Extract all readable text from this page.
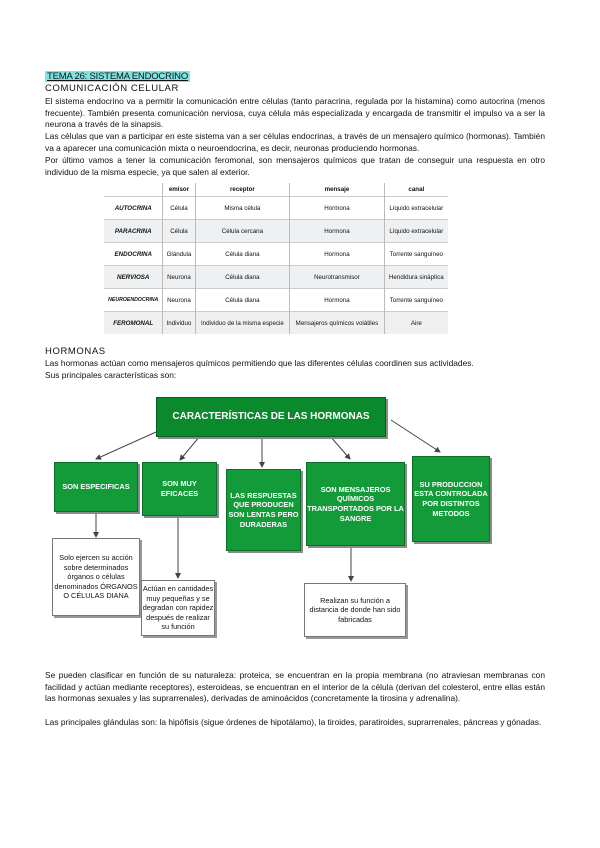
TEMA 26: SISTEMA ENDOCRINO
COMUNICACIÓN CELULAR
El sistema endocrino va a permitir la comunicación entre células (tanto paracrina, regulada por la histamina) como autocrina (menos frecuente). También presenta comunicación nerviosa, cuya célula más especializada y encargada de transmitir el impulso va a ser la neurona a través de la sinapsis.
Las células que van a participar en este sistema van a ser células endocrinas, a través de un mensajero químico (hormonas). También va a aparecer una comunicación mixta o neuroendocrina, es decir, neuronas produciendo hormonas.
Por último vamos a tener la comunicación feromonal, son mensajeros químicos que tratan de conseguir una respuesta en otro individuo de la misma especie, ya que salen al exterior.
	emisor	receptor	mensaje	canal
AUTOCRINA	Célula	Misma célula	Hormona	Líquido extracelular
PARACRINA	Célula	Célula cercana	Hormona	Líquido extracelular
ENDOCRINA	Glándula	Célula diana	Hormona	Torrente sanguíneo
NERVIOSA	Neurona	Célula diana	Neurotransmisor	Hendidura sináptica
NEUROENDOCRINA	Neurona	Célula diana	Hormona	Torrente sanguíneo
FEROMONAL	Individuo	Individuo de la misma especie	Mensajeros químicos volátiles	Aire
HORMONAS
Las hormonas actúan como mensajeros químicos permitiendo que las diferentes células coordinen sus actividades.
Sus principales características son:
CARACTERÍSTICAS DE LAS HORMONAS
SON ESPECIFICAS	SON MUY EFICACES	LAS RESPUESTAS QUE PRODUCEN SON LENTAS PERO DURADERAS
SON MENSAJEROS QUÍMICOS TRANSPORTADOS POR LA SANGRE
SU PRODUCCION ESTA CONTROLADA POR DISTINTOS METODOS
Solo ejercen su acción sobre determinados órganos o células denominados ÓRGANOS O CÉLULAS DIANA
Actúan en cantidades muy pequeñas y se degradan con rapidez después de realizar su función
Realizan su función a distancia de donde han sido fabricadas
Se pueden clasificar en función de su naturaleza: proteica, se encuentran en la propia membrana (no atraviesan membranas con facilidad y actúan mediante receptores), esteroideas, se encuentran en el interior de la célula (derivan del colesterol, entre ellas están las hormonas sexuales y las suprarrenales), derivadas de aminoácidos (concretamente la tirosina y adrenalina).
Las principales glándulas son: la hipófisis (sigue órdenes de hipotálamo), la tiroides, paratiroides, suprarrenales, páncreas y gónadas.
